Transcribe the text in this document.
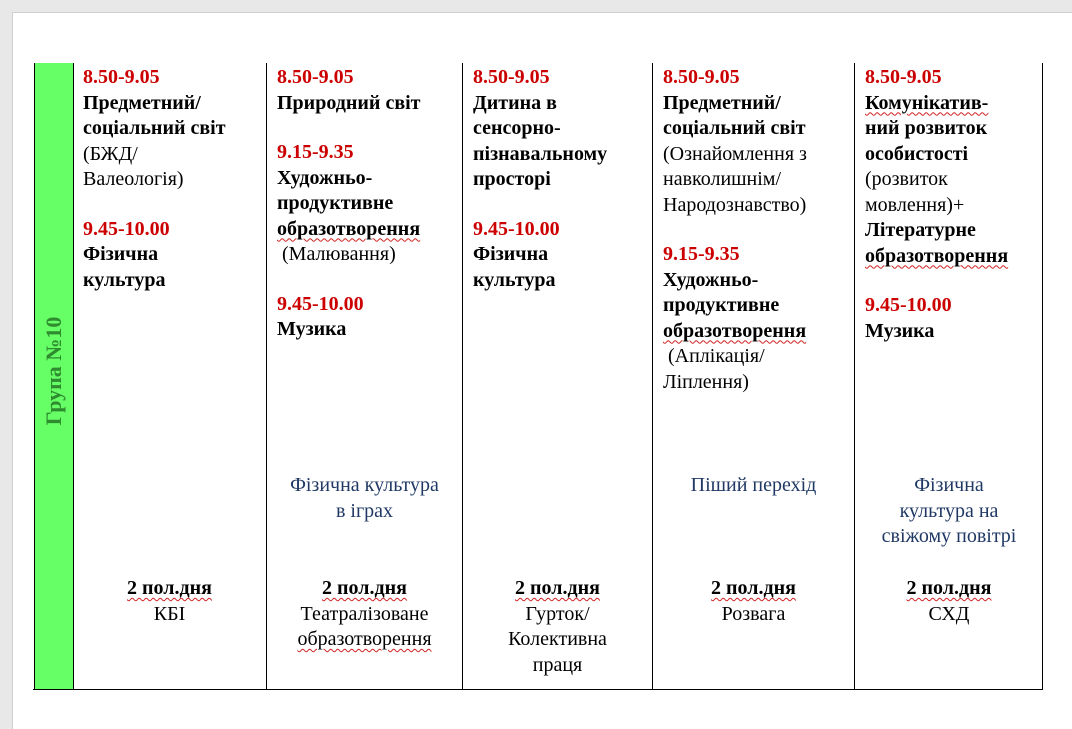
Група №10
8.50-9.05
Предметний/
соціальний світ
(БЖД/
Валеологія)
9.45-10.00
Фізична
культура
2 пол.дня
КБІ
8.50-9.05
Природний світ
9.15-9.35
Художньо-
продуктивне
образотворення
(Малювання)
9.45-10.00
Музика
Фізична культура
в іграх
2 пол.дня
Театралізоване
образотворення
8.50-9.05
Дитина в
сенсорно-
пізнавальному
просторі
9.45-10.00
Фізична
культура
2 пол.дня
Гурток/
Колективна
праця
8.50-9.05
Предметний/
соціальний світ
(Ознайомлення з
навколишнім/
Народознавство)
9.15-9.35
Художньо-
продуктивне
образотворення
(Аплікація/
Ліплення)
Піший перехід
2 пол.дня
Розвага
8.50-9.05
Комунікатив-
ний розвиток
особистості
(розвиток
мовлення)+
Літературне
образотворення
9.45-10.00
Музика
Фізична
культура на
свіжому повітрі
2 пол.дня
СХД
